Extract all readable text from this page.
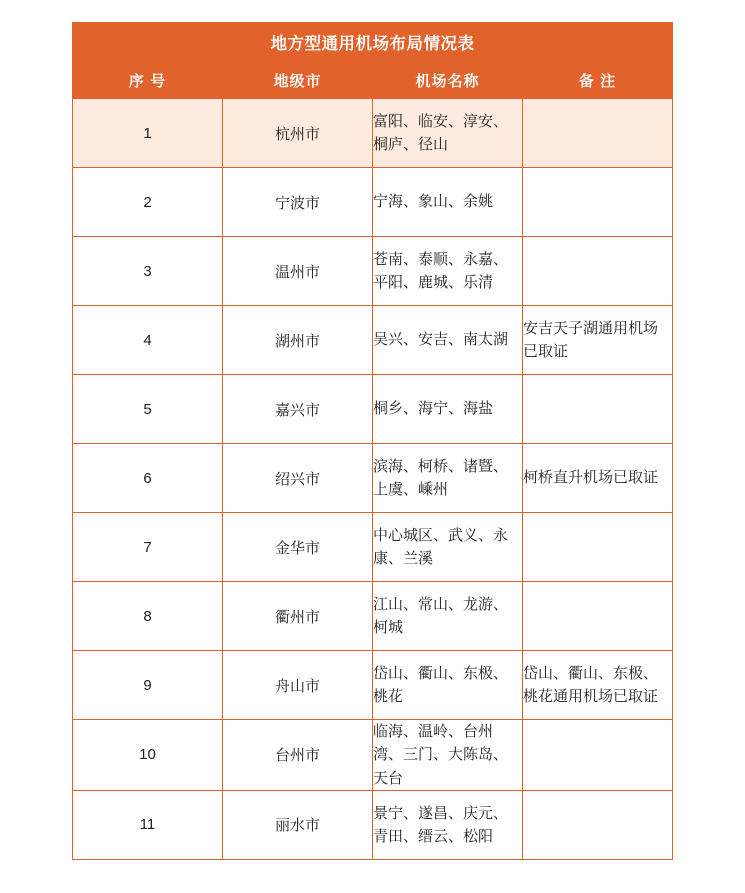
地方型通用机场布局情况表			
序 号	地级市	机场名称	备 注
1	杭州市	富阳、临安、淳安、桐庐、径山	
2	宁波市	宁海、象山、余姚	
3	温州市	苍南、泰顺、永嘉、平阳、鹿城、乐清	
4	湖州市	吴兴、安吉、南太湖	安吉天子湖通用机场已取证
5	嘉兴市	桐乡、海宁、海盐	
6	绍兴市	滨海、柯桥、诸暨、上虞、嵊州	柯桥直升机场已取证
7	金华市	中心城区、武义、永康、兰溪	
8	衢州市	江山、常山、龙游、柯城	
9	舟山市	岱山、衢山、东极、桃花	岱山、衢山、东极、桃花通用机场已取证
10	台州市	临海、温岭、台州湾、三门、大陈岛、天台	
11	丽水市	景宁、遂昌、庆元、青田、缙云、松阳	
